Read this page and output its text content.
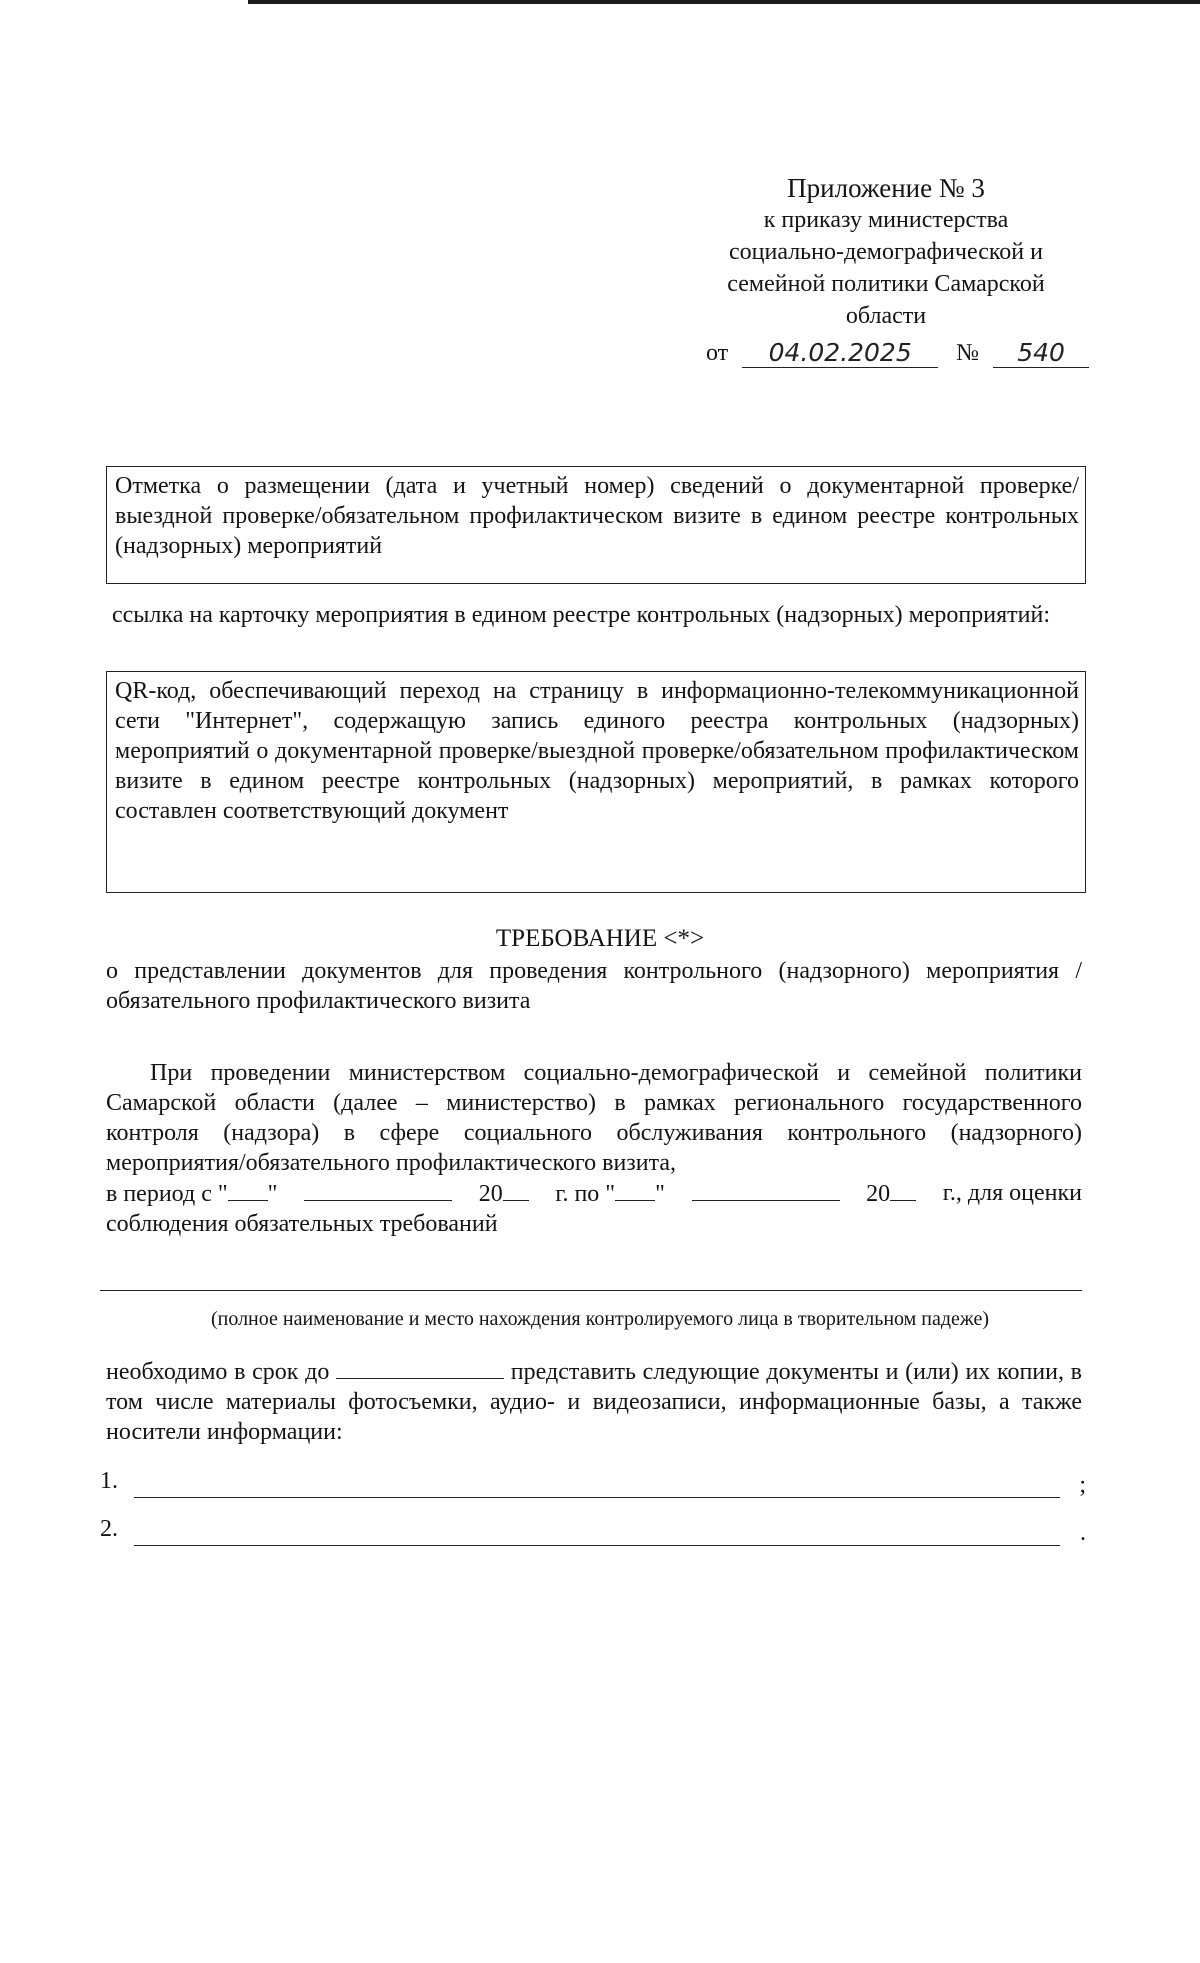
Приложение № 3
к приказу министерства
социально-демографической и
семейной политики Самарской
области
от 04.02.2025 № 540
Отметка о размещении (дата и учетный номер) сведений о документарной проверке/выездной проверке/обязательном профилактическом визите в едином реестре контрольных (надзорных) мероприятий
ссылка на карточку мероприятия в едином реестре контрольных (надзорных) мероприятий:
QR-код, обеспечивающий переход на страницу в информационно-телекоммуникационной сети "Интернет", содержащую запись единого реестра контрольных (надзорных) мероприятий о документарной проверке/выездной проверке/обязательном профилактическом визите в едином реестре контрольных (надзорных) мероприятий, в рамках которого составлен соответствующий документ
ТРЕБОВАНИЕ <*>
о представлении документов для проведения контрольного (надзорного) мероприятия /обязательного профилактического визита
При проведении министерством социально-демографической и семейной политики Самарской области (далее – министерство) в рамках регионального государственного контроля (надзора) в сфере социального обслуживания контрольного (надзорного) мероприятия/обязательного профилактического визита,
в период с " "	20	г. по " "	20	г., для оценки
соблюдения обязательных требований
(полное наименование и место нахождения контролируемого лица в творительном падеже)
необходимо в срок до	представить следующие документы и (или) их копии, в том числе материалы фотосъемки, аудио- и видеозаписи, информационные базы, а также носители информации:
1.	;
2.	.
